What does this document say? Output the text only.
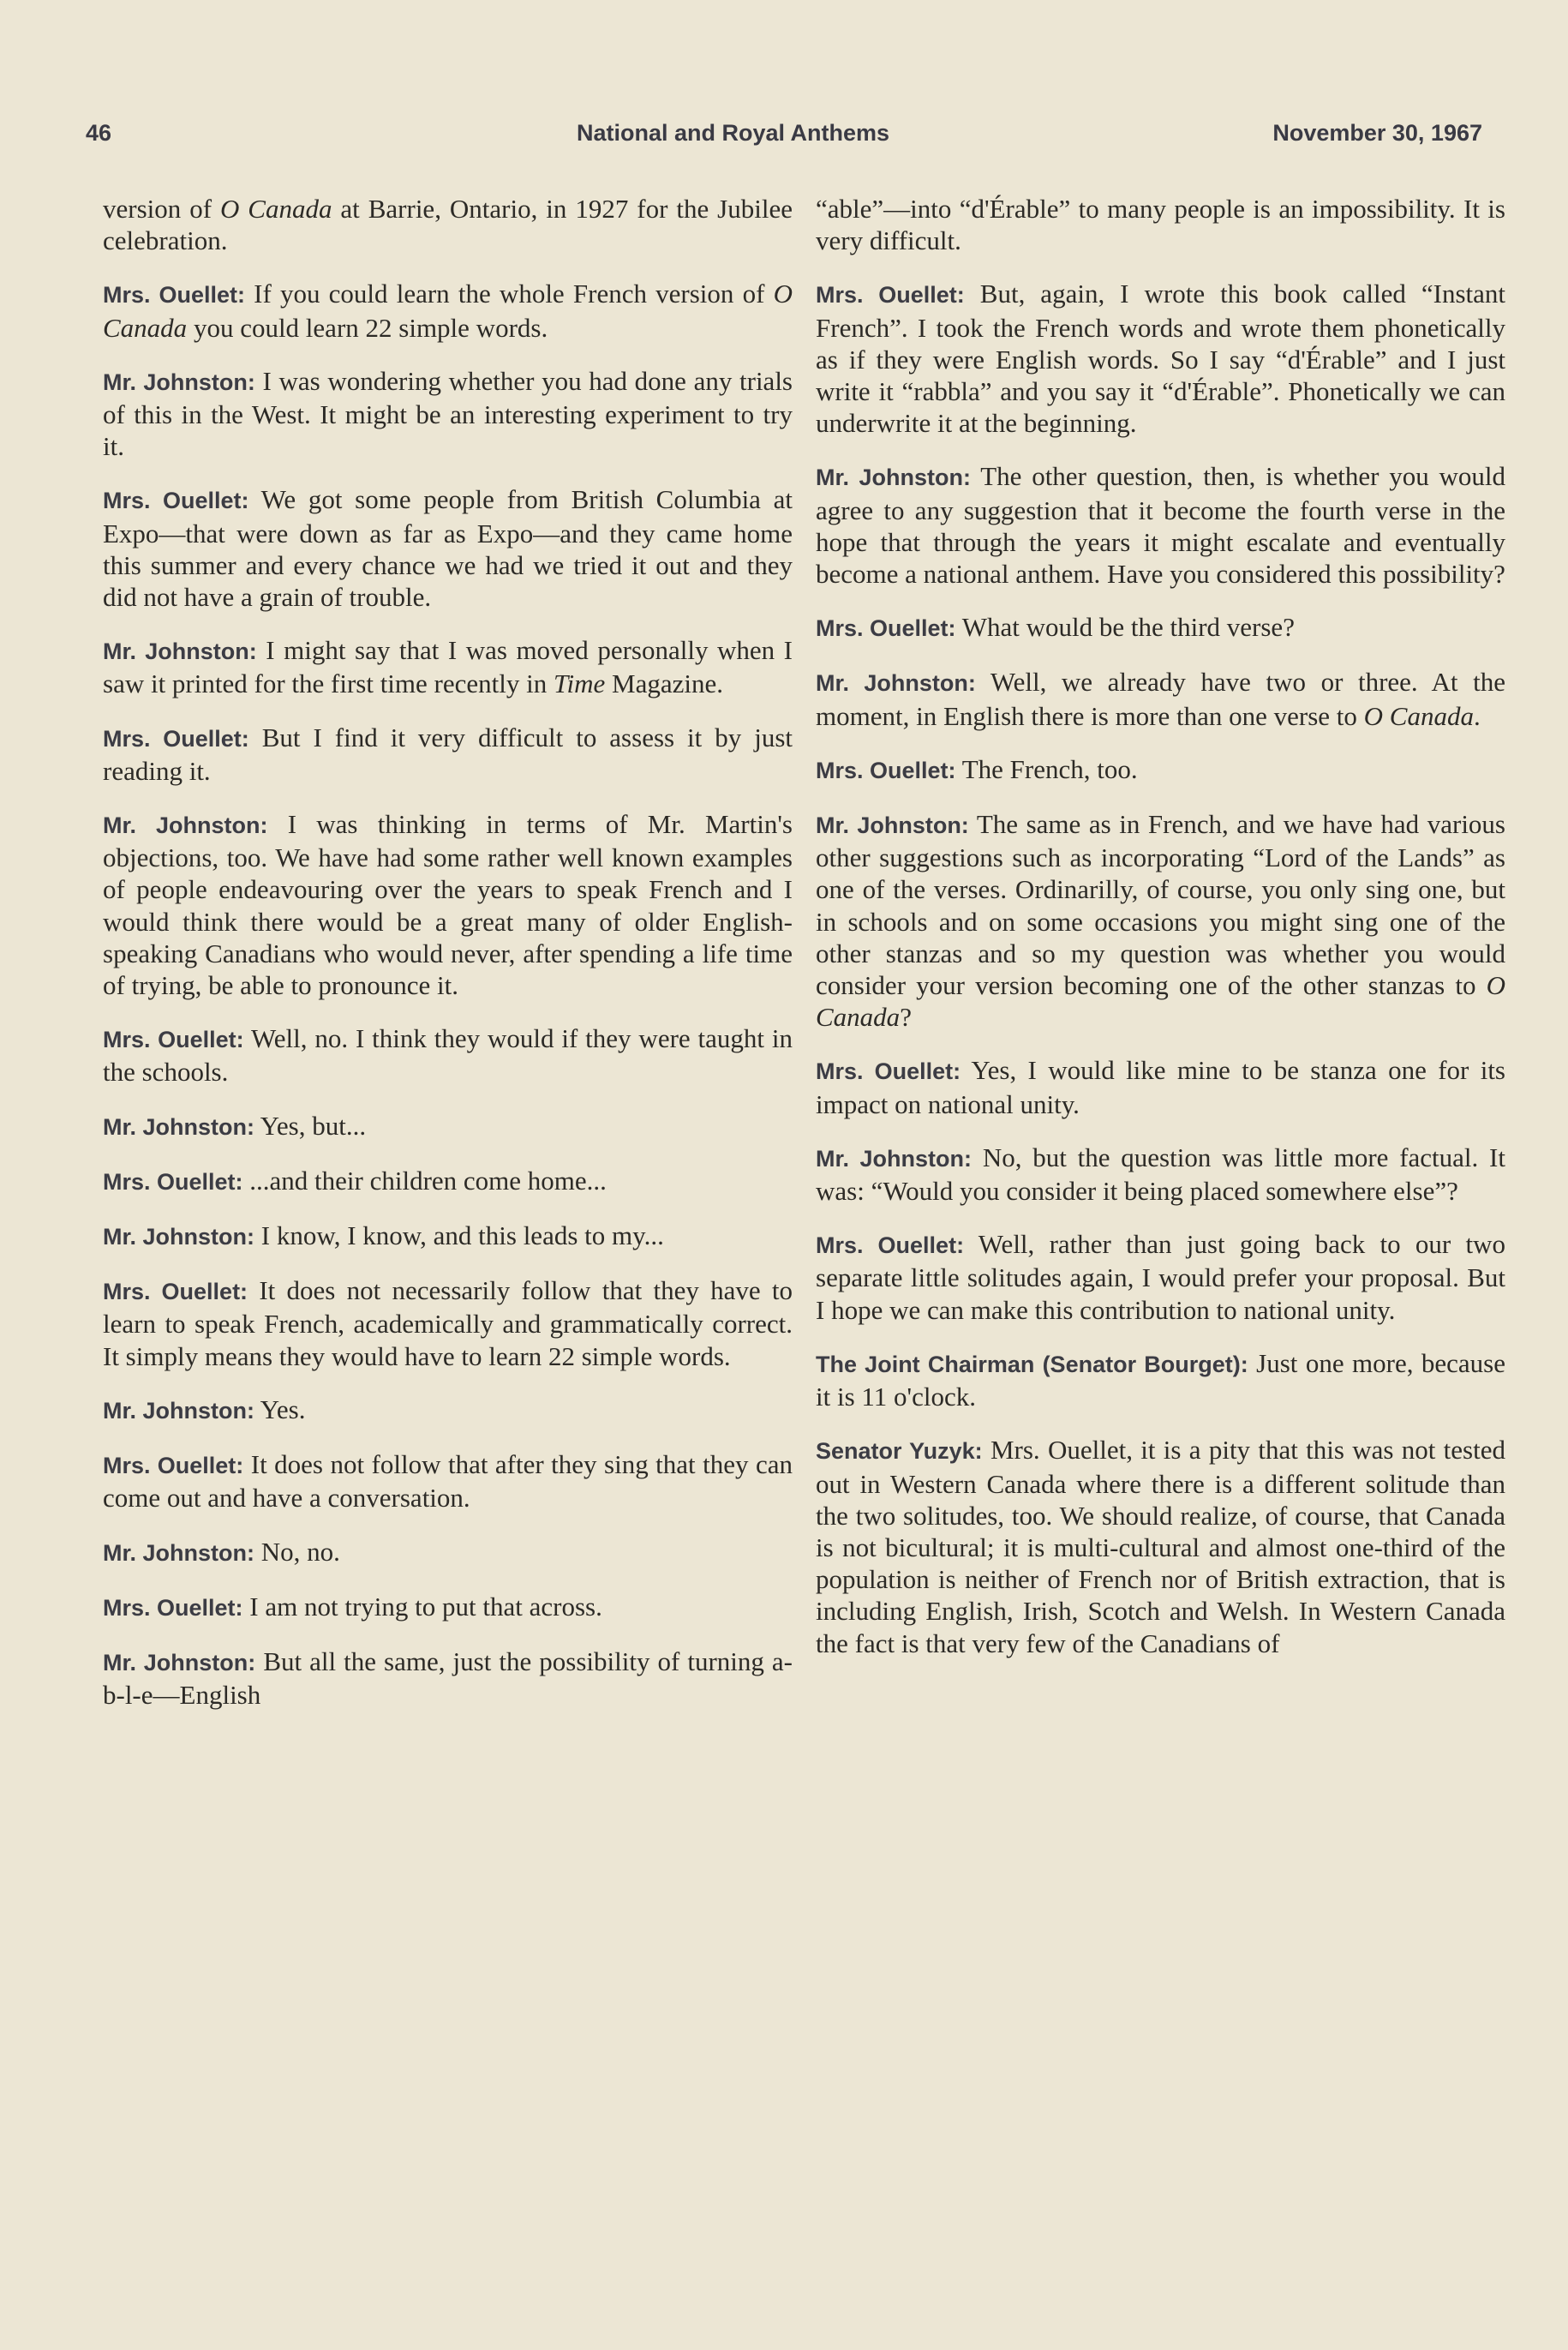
46	National and Royal Anthems	November 30, 1967

version of O Canada at Barrie, Ontario, in 1927 for the Jubilee celebration.

Mrs. Ouellet: If you could learn the whole French version of O Canada you could learn 22 simple words.

Mr. Johnston: I was wondering whether you had done any trials of this in the West. It might be an interesting experiment to try it.

Mrs. Ouellet: We got some people from British Columbia at Expo—that were down as far as Expo—and they came home this summer and every chance we had we tried it out and they did not have a grain of trouble.

Mr. Johnston: I might say that I was moved personally when I saw it printed for the first time recently in Time Magazine.

Mrs. Ouellet: But I find it very difficult to assess it by just reading it.

Mr. Johnston: I was thinking in terms of Mr. Martin's objections, too. We have had some rather well known examples of people endeavouring over the years to speak French and I would think there would be a great many of older English-speaking Canadians who would never, after spending a life time of trying, be able to pronounce it.

Mrs. Ouellet: Well, no. I think they would if they were taught in the schools.

Mr. Johnston: Yes, but...

Mrs. Ouellet: ...and their children come home...

Mr. Johnston: I know, I know, and this leads to my...

Mrs. Ouellet: It does not necessarily follow that they have to learn to speak French, academically and grammatically correct. It simply means they would have to learn 22 simple words.

Mr. Johnston: Yes.

Mrs. Ouellet: It does not follow that after they sing that they can come out and have a conversation.

Mr. Johnston: No, no.

Mrs. Ouellet: I am not trying to put that across.

Mr. Johnston: But all the same, just the possibility of turning a-b-l-e—English

“able”—into “d'Érable” to many people is an impossibility. It is very difficult.

Mrs. Ouellet: But, again, I wrote this book called “Instant French”. I took the French words and wrote them phonetically as if they were English words. So I say “d'Érable” and I just write it “rabbla” and you say it “d'Érable”. Phonetically we can underwrite it at the beginning.

Mr. Johnston: The other question, then, is whether you would agree to any suggestion that it become the fourth verse in the hope that through the years it might escalate and eventually become a national anthem. Have you considered this possibility?

Mrs. Ouellet: What would be the third verse?

Mr. Johnston: Well, we already have two or three. At the moment, in English there is more than one verse to O Canada.

Mrs. Ouellet: The French, too.

Mr. Johnston: The same as in French, and we have had various other suggestions such as incorporating “Lord of the Lands” as one of the verses. Ordinarilly, of course, you only sing one, but in schools and on some occasions you might sing one of the other stanzas and so my question was whether you would consider your version becoming one of the other stanzas to O Canada?

Mrs. Ouellet: Yes, I would like mine to be stanza one for its impact on national unity.

Mr. Johnston: No, but the question was little more factual. It was: “Would you consider it being placed somewhere else”?

Mrs. Ouellet: Well, rather than just going back to our two separate little solitudes again, I would prefer your proposal. But I hope we can make this contribution to national unity.

The Joint Chairman (Senator Bourget): Just one more, because it is 11 o'clock.

Senator Yuzyk: Mrs. Ouellet, it is a pity that this was not tested out in Western Canada where there is a different solitude than the two solitudes, too. We should realize, of course, that Canada is not bicultural; it is multi-cultural and almost one-third of the population is neither of French nor of British extraction, that is including English, Irish, Scotch and Welsh. In Western Canada the fact is that very few of the Canadians of
